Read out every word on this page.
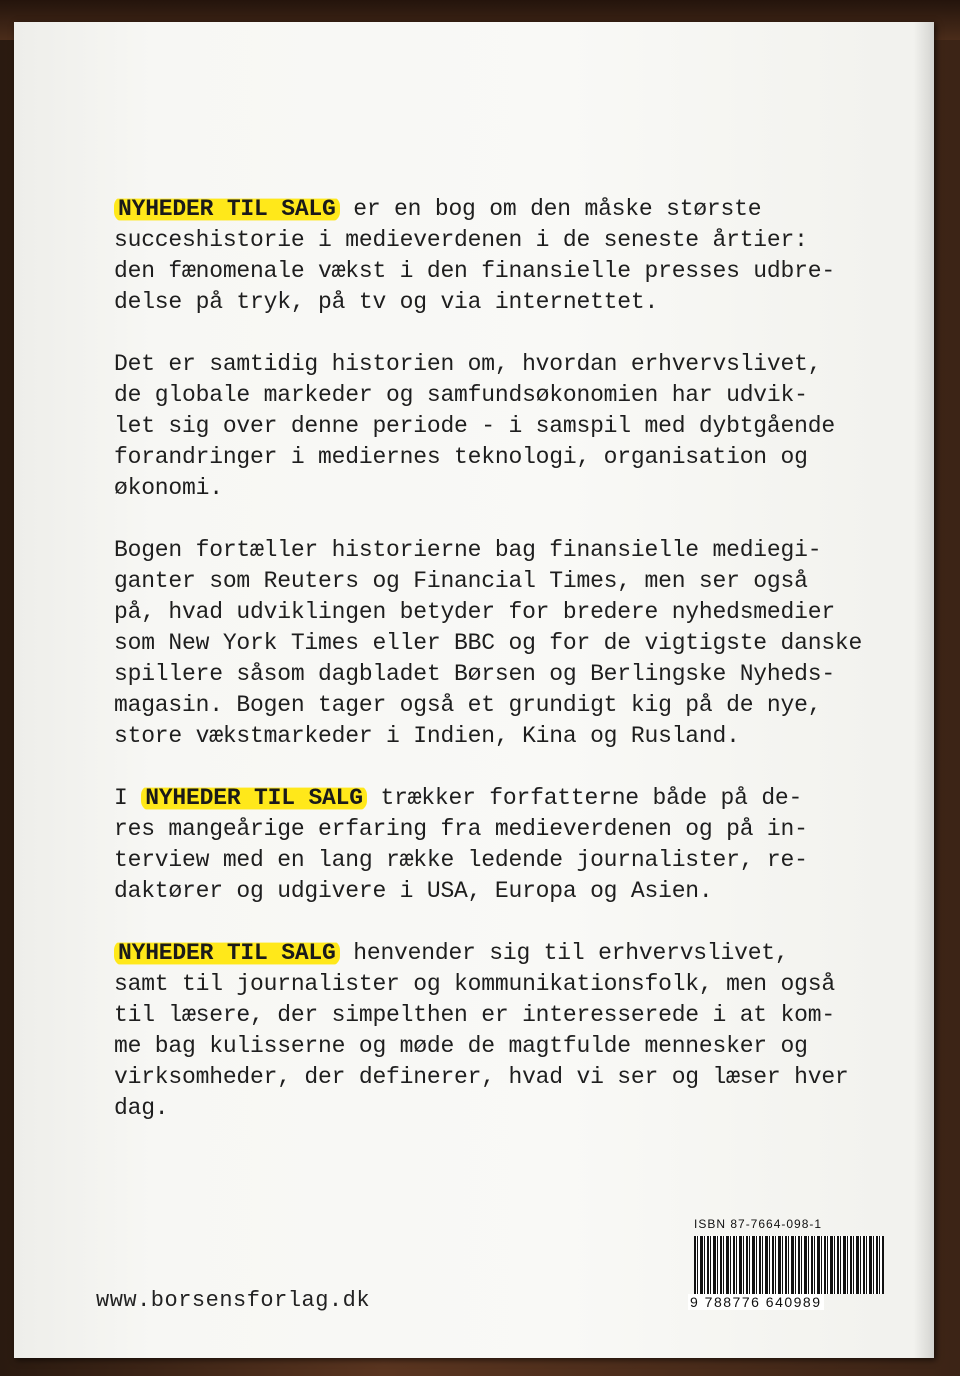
NYHEDER TIL SALG er en bog om den måske største
succeshistorie i medieverdenen i de seneste årtier:
den fænomenale vækst i den finansielle presses udbre-
delse på tryk, på tv og via internettet.
Det er samtidig historien om, hvordan erhvervslivet,
de globale markeder og samfundsøkonomien har udvik-
let sig over denne periode - i samspil med dybtgående
forandringer i mediernes teknologi, organisation og
økonomi.
Bogen fortæller historierne bag finansielle mediegi-
ganter som Reuters og Financial Times, men ser også
på, hvad udviklingen betyder for bredere nyhedsmedier
som New York Times eller BBC og for de vigtigste danske
spillere såsom dagbladet Børsen og Berlingske Nyheds-
magasin. Bogen tager også et grundigt kig på de nye,
store vækstmarkeder i Indien, Kina og Rusland.
I NYHEDER TIL SALG trækker forfatterne både på de-
res mangeårige erfaring fra medieverdenen og på in-
terview med en lang række ledende journalister, re-
daktører og udgivere i USA, Europa og Asien.
NYHEDER TIL SALG henvender sig til erhvervslivet,
samt til journalister og kommunikationsfolk, men også
til læsere, der simpelthen er interesserede i at kom-
me bag kulisserne og møde de magtfulde mennesker og
virksomheder, der definerer, hvad vi ser og læser hver
dag.
www.borsensforlag.dk
ISBN 87-7664-098-1
9 788776 640989
